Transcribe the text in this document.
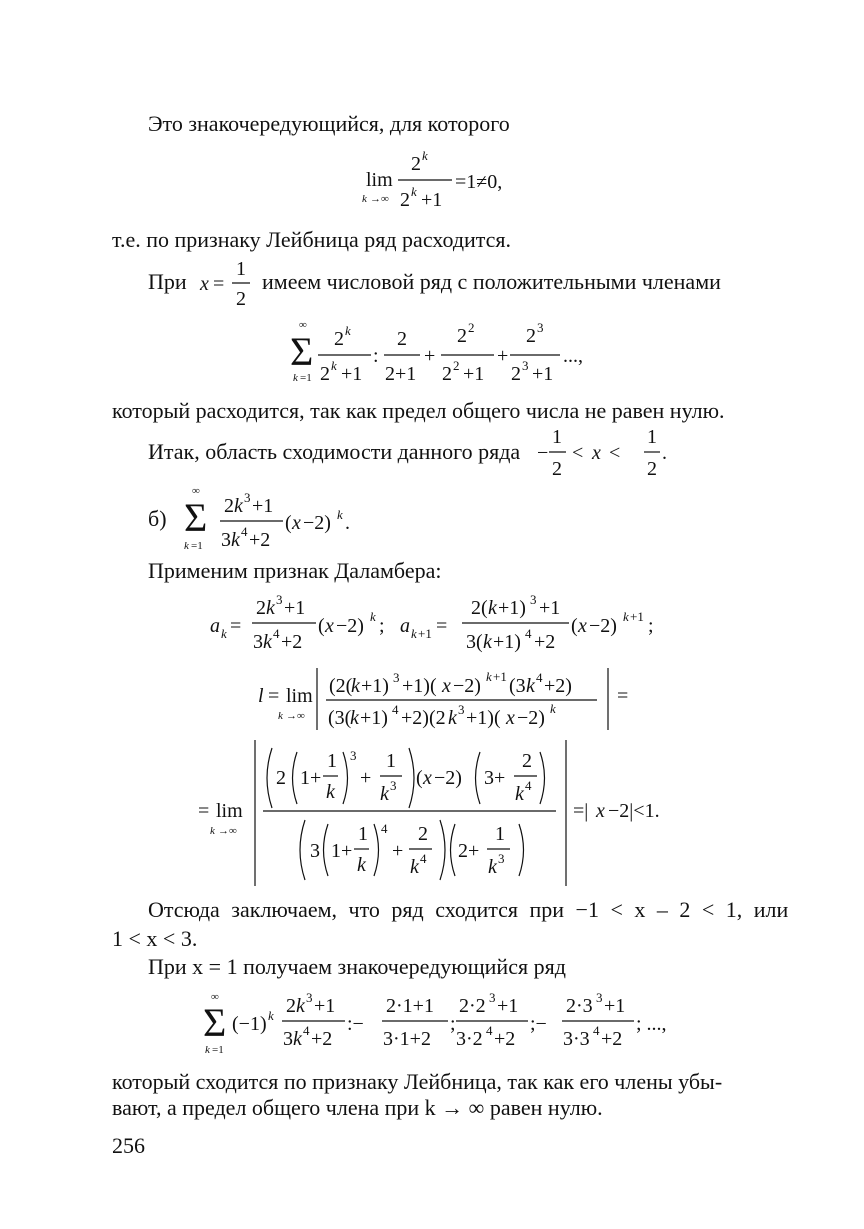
Это знакочередующийся, для которого
т.е. по признаку Лейбница ряд расходится.
При	имеем числовой ряд с положительными членами
который расходится, так как предел общего числа не равен нулю.
Итак, область сходимости данного ряда
б)
Применим признак Даламбера:
Отсюда заключаем, что ряд сходится при −1 < x – 2 < 1, или
1 < x < 3.
При x = 1 получаем знакочередующийся ряд
который сходится по признаку Лейбница, так как его члены убы-
вают, а предел общего члена при k → ∞ равен нулю.
256
lim
k →∞
2 k
2 k +1
=1≠0,
x =
1
2
Σ
∞
k =1
2 k
2 k +1
:
2
2+1
+
2 2
2 2 +1
+
2 3
2 3 +1
...,
−
1
2
< x <
1
2
.
Σ
∞
k =1
2 k 3 +1
3 k 4 +2
( x −2) k .
a k =
2 k 3 +1
3 k 4 +2
( x −2) k ; a k +1 =
2( k +1) 3 +1
3( k +1) 4 +2
( x −2) k +1 ;
l = lim
k →∞
(2(
k +1) 3 +1)( x −2) k +1 (3 k 4 +2)
(3(
k +1) 4 +2)(2 k 3 +1)( x −2) k
=
= lim
k →∞
2 1+
1
k
3
+
1
k 3 ( x −2) 3+
2
k 4
3 1+
1
k
4
+
2
k 4 2+
1
k 3
=| x −2|<1.
Σ
∞
k =1
(−1) k 2 k 3 +1
3 k 4 +2
:−
2·1+1
3·1+2
;
2·2 3 +1
3·2 4 +2
;−
2·3 3 +1
3·3 4 +2
; ...,
